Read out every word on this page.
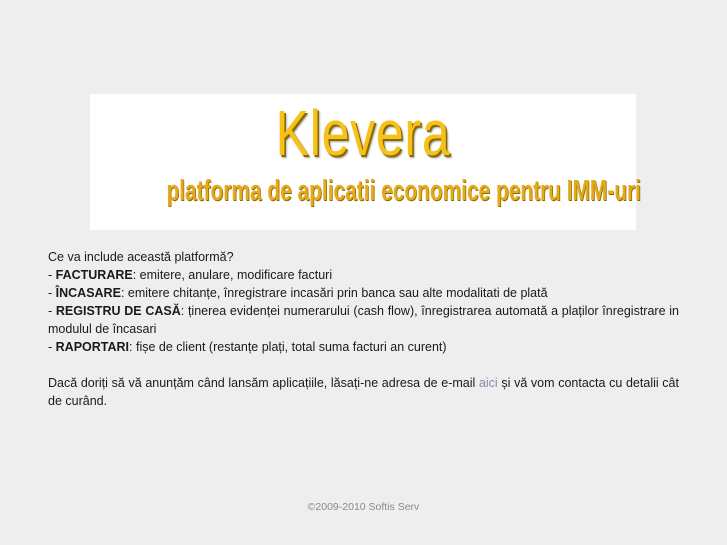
Klevera
platforma de aplicatii economice pentru IMM-uri

Ce va include această platformă?

- FACTURARE: emitere, anulare, modificare facturi

- ÎNCASARE: emitere chitanțe, înregistrare incasări prin banca sau alte modalitati de plată

- REGISTRU DE CASĂ: ținerea evidenței numerarului (cash flow), înregistrarea automată a plaților înregistrare in modulul de încasari

- RAPORTARI: fișe de client (restanțe plați, total suma facturi an curent)

Dacă doriți să vă anunțăm când lansăm aplicațiile, lăsați-ne adresa de e-mail aici și vă vom contacta cu detalii cât de curând.

©2009-2010 Softis Serv
